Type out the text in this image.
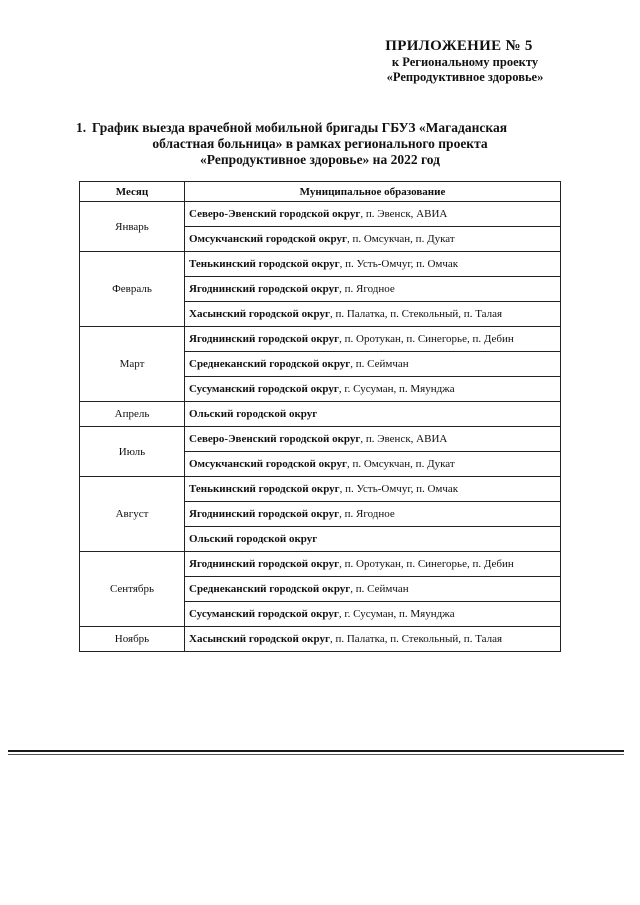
ПРИЛОЖЕНИЕ № 5
к Региональному проекту
«Репродуктивное здоровье»
1. График выезда врачебной мобильной бригады ГБУЗ «Магаданская
областная больница» в рамках регионального проекта
«Репродуктивное здоровье» на 2022 год
Месяц	Муниципальное образование
Январь	Северо-Эвенский городской округ, п. Эвенск, АВИА
	Омсукчанский городской округ, п. Омсукчан, п. Дукат
Февраль	Тенькинский городской округ, п. Усть-Омчуг, п. Омчак
	Ягоднинский городской округ, п. Ягодное
	Хасынский городской округ, п. Палатка, п. Стекольный, п. Талая
Март	Ягоднинский городской округ, п. Оротукан, п. Синегорье, п. Дебин
	Среднеканский городской округ, п. Сеймчан
	Сусуманский городской округ, г. Сусуман, п. Мяунджа
Апрель	Ольский городской округ
Июль	Северо-Эвенский городской округ, п. Эвенск, АВИА
	Омсукчанский городской округ, п. Омсукчан, п. Дукат
Август	Тенькинский городской округ, п. Усть-Омчуг, п. Омчак
	Ягоднинский городской округ, п. Ягодное
	Ольский городской округ
Сентябрь	Ягоднинский городской округ, п. Оротукан, п. Синегорье, п. Дебин
	Среднеканский городской округ, п. Сеймчан
	Сусуманский городской округ, г. Сусуман, п. Мяунджа
Ноябрь	Хасынский городской округ, п. Палатка, п. Стекольный, п. Талая
